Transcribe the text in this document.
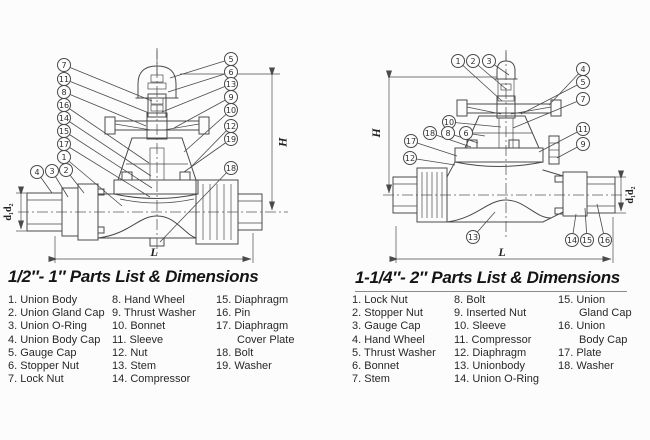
H
L
d₁d₂
7
11
8
16
14
15
17
1
4 3 2
5
6
13
9
10
12
19
18
H
L
d₁d₂
1 2 3
4
5
7
11
9
10
18 8 6
17
12
13	14 15 16
1/2″- 1″ Parts List & Dimensions	1-1/4″- 2″ Parts List & Dimensions
1. Union Body
2. Union Gland Cap
3. Union O-Ring
4. Union Body Cap
5. Gauge Cap
6. Stopper Nut
7. Lock Nut
8. Hand Wheel
9. Thrust Washer
10. Bonnet
11. Sleeve
12. Nut
13. Stem
14. Compressor
15. Diaphragm
16. Pin
17. Diaphragm
Cover Plate
18. Bolt
19. Washer
1. Lock Nut
2. Stopper Nut
3. Gauge Cap
4. Hand Wheel
5. Thrust Washer
6. Bonnet
7. Stem
8. Bolt
9. Inserted Nut
10. Sleeve
11. Compressor
12. Diaphragm
13. Unionbody
14. Union O-Ring
15. Union
Gland Cap
16. Union
Body Cap
17. Plate
18. Washer
